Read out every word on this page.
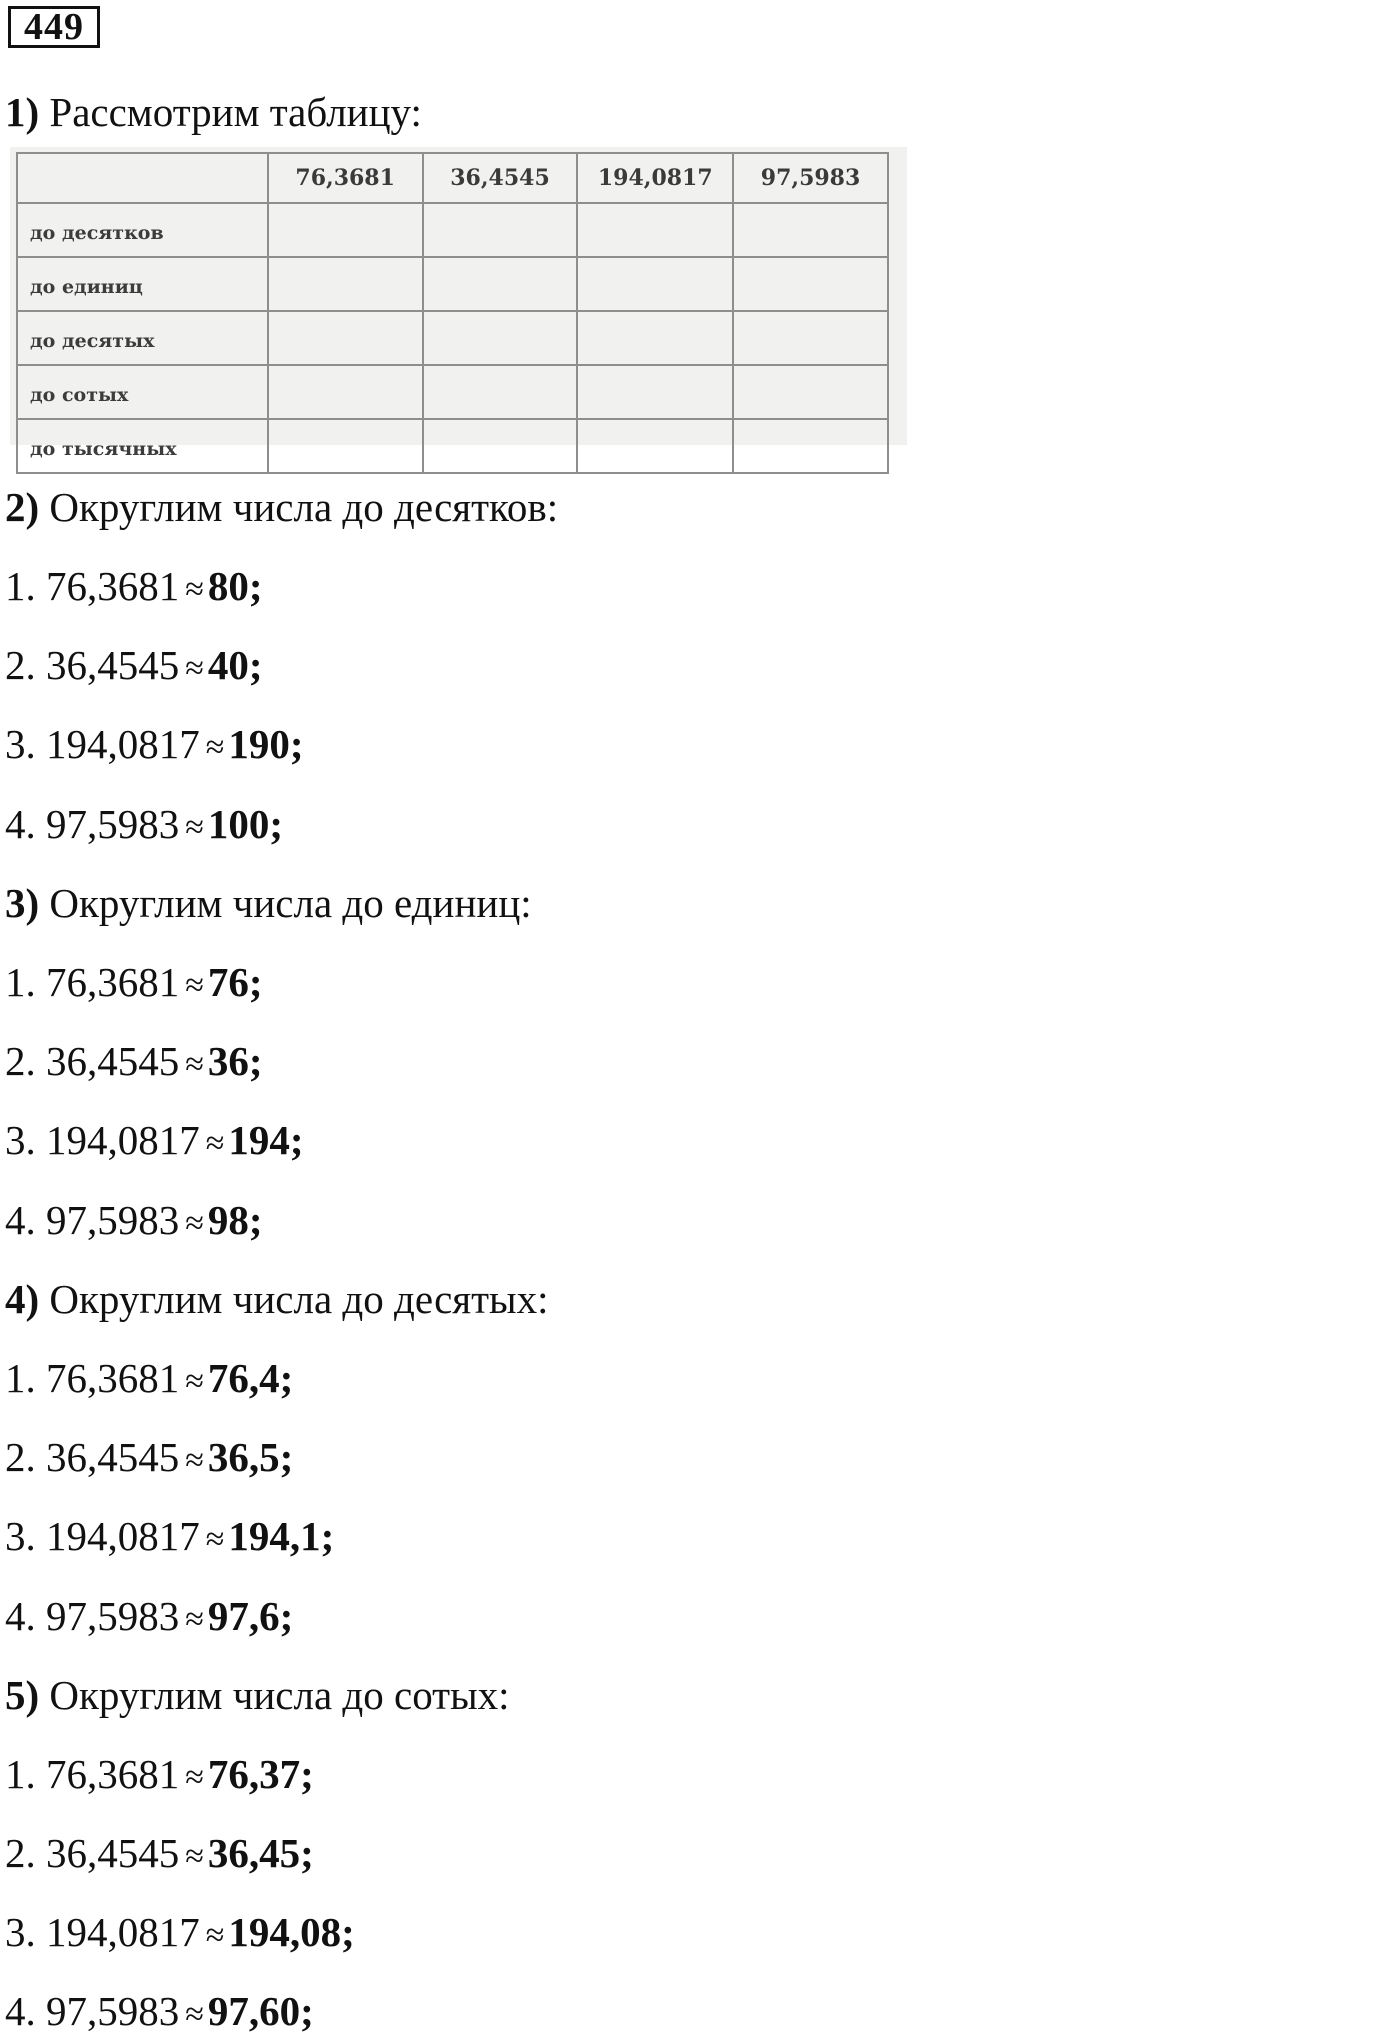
449
1) Рассмотрим таблицу:
	76,3681	36,4545	194,0817	97,5983
до десятков				
до единиц				
до десятых				
до сотых				
до тысячных				
2) Округлим числа до десятков:
1. 76,3681 ≈80;
2. 36,4545 ≈40;
3. 194,0817 ≈190;
4. 97,5983 ≈100;
3) Округлим числа до единиц:
1. 76,3681 ≈76;
2. 36,4545 ≈36;
3. 194,0817 ≈194;
4. 97,5983 ≈98;
4) Округлим числа до десятых:
1. 76,3681 ≈76,4;
2. 36,4545 ≈36,5;
3. 194,0817 ≈194,1;
4. 97,5983 ≈97,6;
5) Округлим числа до сотых:
1. 76,3681 ≈76,37;
2. 36,4545 ≈36,45;
3. 194,0817 ≈194,08;
4. 97,5983 ≈97,60;
